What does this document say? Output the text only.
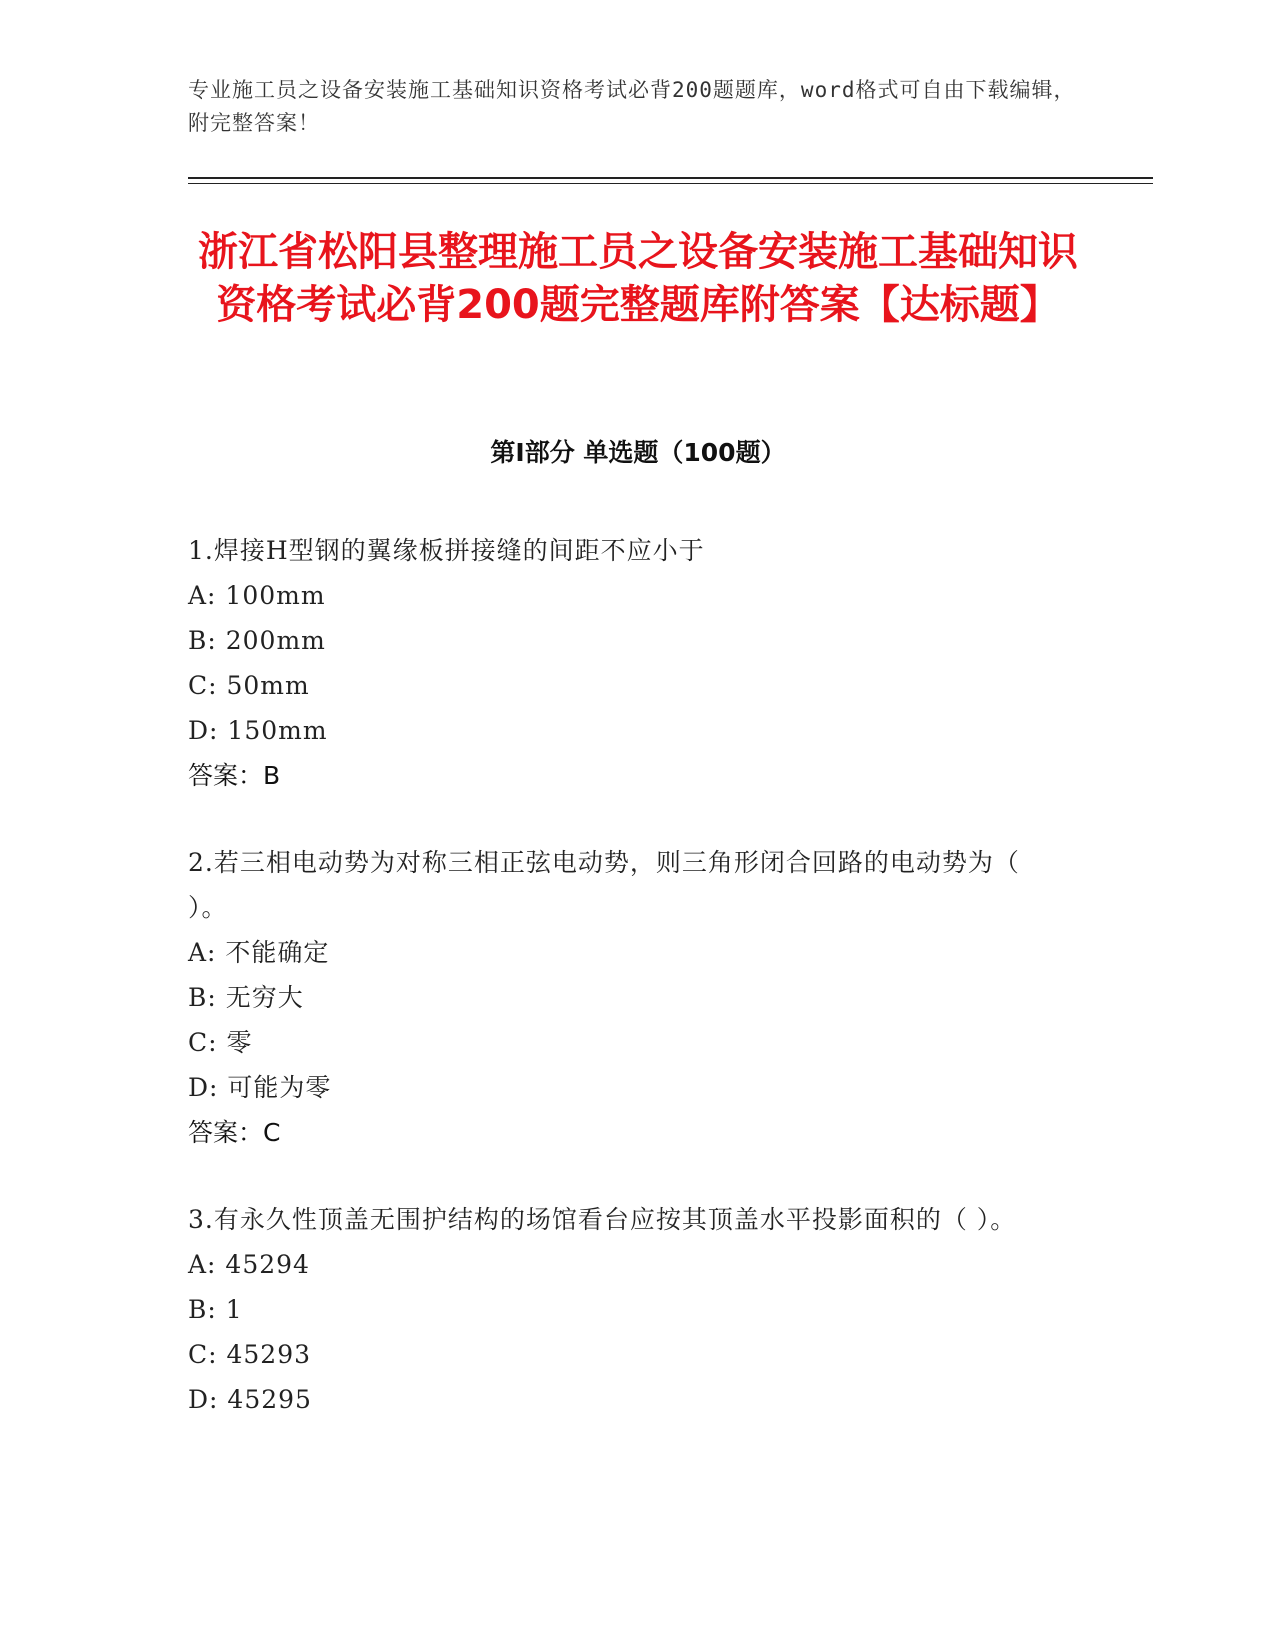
专业施工员之设备安装施工基础知识资格考试必背200题题库，word格式可自由下载编辑，附完整答案！
浙江省松阳县整理施工员之设备安装施工基础知识资格考试必背200题完整题库附答案【达标题】
第I部分 单选题（100题）

1.焊接H型钢的翼缘板拼接缝的间距不应小于

A: 100mm

B: 200mm

C: 50mm

D: 150mm

答案：B

2.若三相电动势为对称三相正弦电动势，则三角形闭合回路的电动势为（ ）。

A: 不能确定

B: 无穷大

C: 零

D: 可能为零

答案：C

3.有永久性顶盖无围护结构的场馆看台应按其顶盖水平投影面积的（ ）。

A: 45294

B: 1

C: 45293

D: 45295
